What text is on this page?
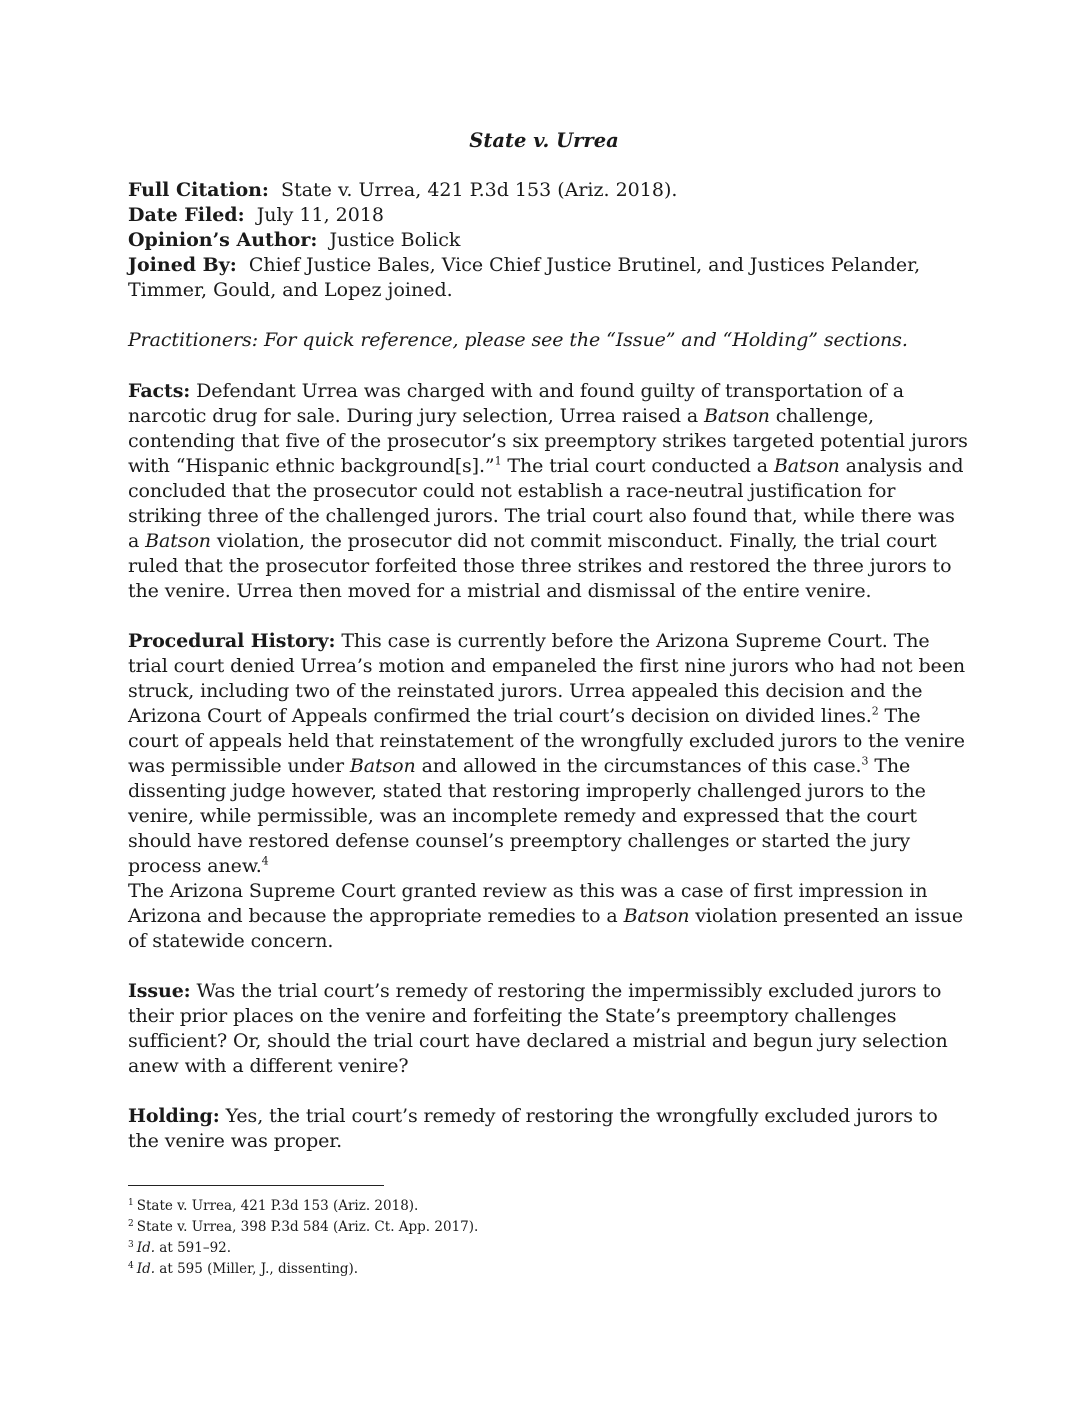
State v. Urrea
Full Citation: State v. Urrea, 421 P.3d 153 (Ariz. 2018).
Date Filed: July 11, 2018
Opinion’s Author: Justice Bolick
Joined By: Chief Justice Bales, Vice Chief Justice Brutinel, and Justices Pelander, Timmer, Gould, and Lopez joined.
Practitioners: For quick reference, please see the “Issue” and “Holding” sections.
Facts: Defendant Urrea was charged with and found guilty of transportation of a narcotic drug for sale. During jury selection, Urrea raised a Batson challenge, contending that five of the prosecutor’s six preemptory strikes targeted potential jurors with “Hispanic ethnic background[s].”$^1$ The trial court conducted a Batson analysis and concluded that the prosecutor could not establish a race-neutral justification for striking three of the challenged jurors. The trial court also found that, while there was a Batson violation, the prosecutor did not commit misconduct. Finally, the trial court ruled that the prosecutor forfeited those three strikes and restored the three jurors to the venire. Urrea then moved for a mistrial and dismissal of the entire venire.
Procedural History: This case is currently before the Arizona Supreme Court. The trial court denied Urrea’s motion and empaneled the first nine jurors who had not been struck, including two of the reinstated jurors. Urrea appealed this decision and the Arizona Court of Appeals confirmed the trial court’s decision on divided lines.$^2$ The court of appeals held that reinstatement of the wrongfully excluded jurors to the venire was permissible under Batson and allowed in the circumstances of this case.$^3$ The dissenting judge however, stated that restoring improperly challenged jurors to the venire, while permissible, was an incomplete remedy and expressed that the court should have restored defense counsel’s preemptory challenges or started the jury process anew.$^4$
The Arizona Supreme Court granted review as this was a case of first impression in Arizona and because the appropriate remedies to a Batson violation presented an issue of statewide concern.
Issue: Was the trial court’s remedy of restoring the impermissibly excluded jurors to their prior places on the venire and forfeiting the State’s preemptory challenges sufficient? Or, should the trial court have declared a mistrial and begun jury selection anew with a different venire?
Holding: Yes, the trial court’s remedy of restoring the wrongfully excluded jurors to the venire was proper.
$^1$ State v. Urrea, 421 P.3d 153 (Ariz. 2018).
$^2$ State v. Urrea, 398 P.3d 584 (Ariz. Ct. App. 2017).
$^3$ Id. at 591–92.
$^4$ Id. at 595 (Miller, J., dissenting).
